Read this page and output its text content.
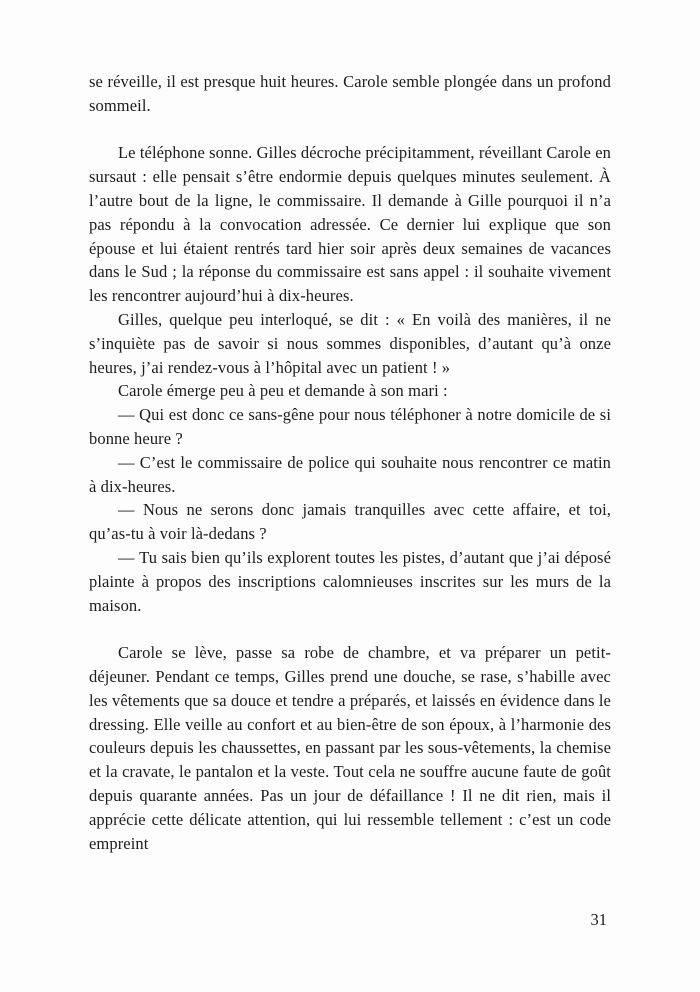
se réveille, il est presque huit heures. Carole semble plongée dans un profond sommeil.

Le téléphone sonne. Gilles décroche précipitamment, réveillant Carole en sursaut : elle pensait s’être endormie depuis quelques minutes seulement. À l’autre bout de la ligne, le commissaire. Il demande à Gille pourquoi il n’a pas répondu à la convocation adressée. Ce dernier lui explique que son épouse et lui étaient rentrés tard hier soir après deux semaines de vacances dans le Sud ; la réponse du commissaire est sans appel : il souhaite vivement les rencontrer aujourd’hui à dix-heures.

Gilles, quelque peu interloqué, se dit : « En voilà des manières, il ne s’inquiète pas de savoir si nous sommes disponibles, d’autant qu’à onze heures, j’ai rendez-vous à l’hôpital avec un patient ! »

Carole émerge peu à peu et demande à son mari :

— Qui est donc ce sans-gêne pour nous téléphoner à notre domicile de si bonne heure ?

— C’est le commissaire de police qui souhaite nous rencontrer ce matin à dix-heures.

— Nous ne serons donc jamais tranquilles avec cette affaire, et toi, qu’as-tu à voir là-dedans ?

— Tu sais bien qu’ils explorent toutes les pistes, d’autant que j’ai déposé plainte à propos des inscriptions calomnieuses inscrites sur les murs de la maison.

Carole se lève, passe sa robe de chambre, et va préparer un petit-déjeuner. Pendant ce temps, Gilles prend une douche, se rase, s’habille avec les vêtements que sa douce et tendre a préparés, et laissés en évidence dans le dressing. Elle veille au confort et au bien-être de son époux, à l’harmonie des couleurs depuis les chaussettes, en passant par les sous-vêtements, la chemise et la cravate, le pantalon et la veste. Tout cela ne souffre aucune faute de goût depuis quarante années. Pas un jour de défaillance ! Il ne dit rien, mais il apprécie cette délicate attention, qui lui ressemble tellement : c’est un code empreint

31
